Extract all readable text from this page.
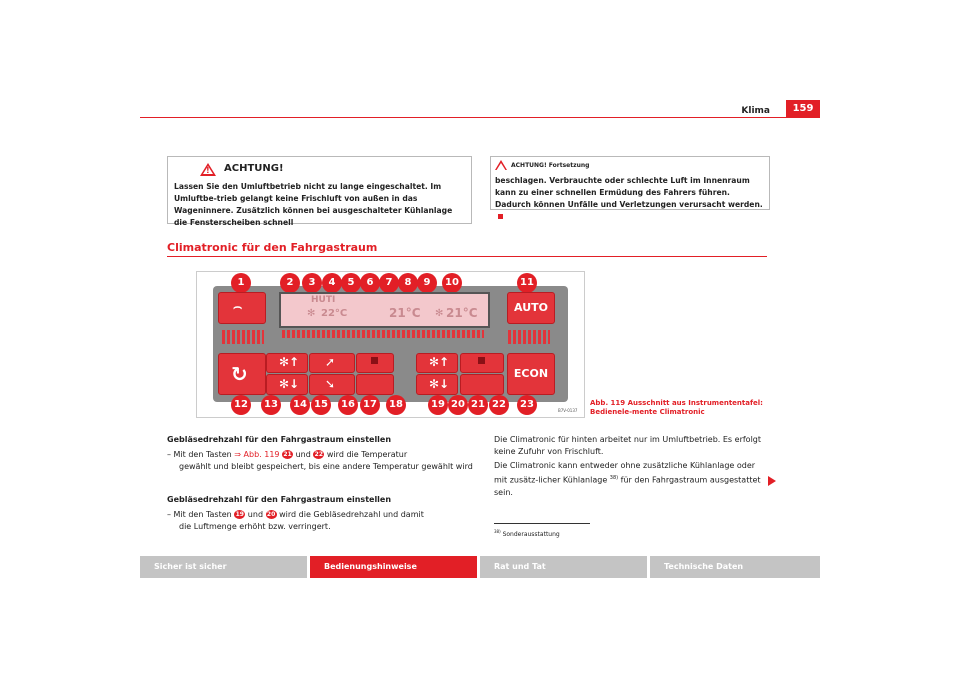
Klima	159
! ACHTUNG!
Lassen Sie den Umluftbetrieb nicht zu lange eingeschaltet. Im Umluftbe-trieb gelangt keine Frischluft von außen in das Wageninnere. Zusätzlich können bei ausgeschalteter Kühlanlage die Fensterscheiben schnell
ACHTUNG! Fortsetzung
beschlagen. Verbrauchte oder schlechte Luft im Innenraum kann zu einer schnellen Ermüdung des Fahrers führen. Dadurch können Unfälle und Verletzungen verursacht werden.
Climatronic für den Fahrgastraum
1	2	3	4	5	6	7	8	9	10	11
HUTI
22°C	21°C 21°C
✻	✻
⌢	AUTO
↻	✻↑
✻↓
➚
➘
✻↑
✻↓
ECON
12	13	14 15	16 17	18	19 20 21 22	23
B7V-0137
Abb. 119 Ausschnitt aus Instrumententafel: Bedienele-mente Climatronic
Gebläsedrehzahl für den Fahrgastraum einstellen
– Mit den Tasten ⇒ Abb. 119 21 und 22 wird die Temperatur
gewählt und bleibt gespeichert, bis eine andere Temperatur gewählt wird
Gebläsedrehzahl für den Fahrgastraum einstellen
– Mit den Tasten 19 und 20 wird die Gebläsedrehzahl und damit
die Luftmenge erhöht bzw. verringert.
Die Climatronic für hinten arbeitet nur im Umluftbetrieb. Es erfolgt keine Zufuhr von Frischluft.
Die Climatronic kann entweder ohne zusätzliche Kühlanlage oder mit zusätz-licher Kühlanlage $^{38)}$ für den Fahrgastraum ausgestattet sein.
$^{38)}$ Sonderausstattung
Sicher ist sicher	Bedienungshinweise	Rat und Tat	Technische Daten
